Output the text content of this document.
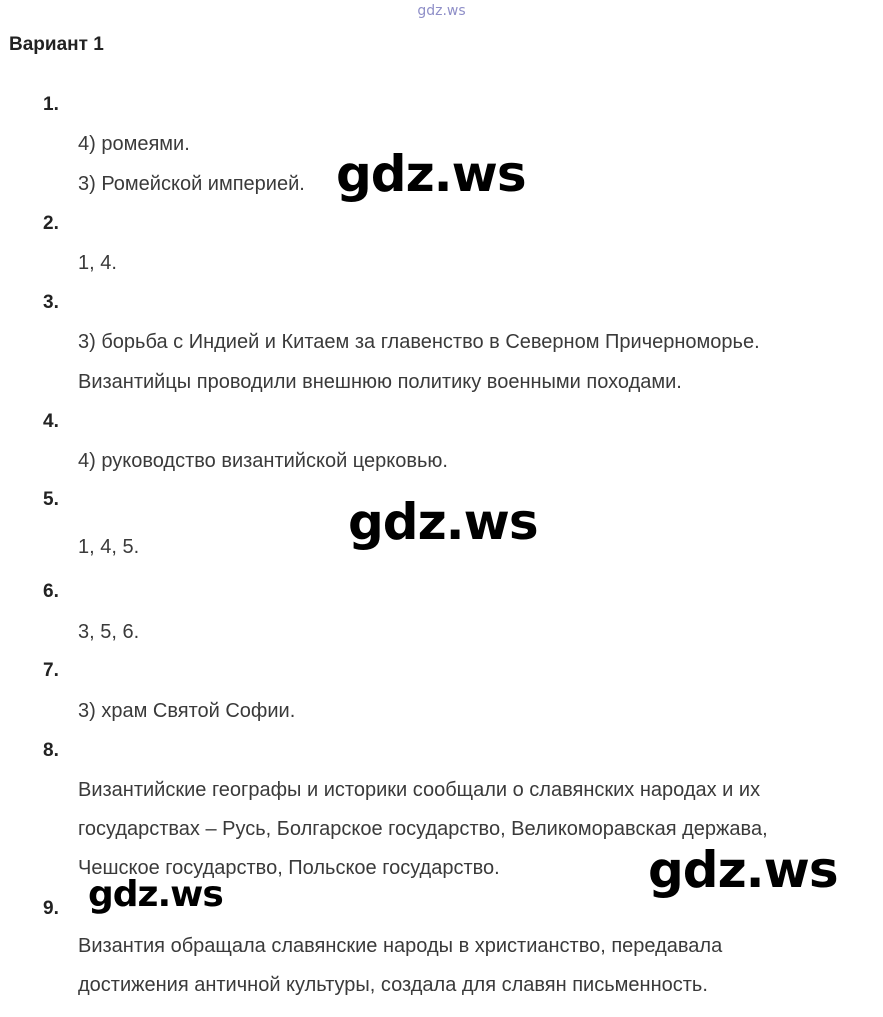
gdz.ws
Вариант 1
1.
4) ромеями.
3) Ромейской империей.
2.
1, 4.
3.
3) борьба с Индией и Китаем за главенство в Северном Причерноморье.
Византийцы проводили внешнюю политику военными походами.
4.
4) руководство византийской церковью.
5.
1, 4, 5.
6.
3, 5, 6.
7.
3) храм Святой Софии.
8.
Византийские географы и историки сообщали о славянских народах и их
государствах – Русь, Болгарское государство, Великоморавская держава,
Чешское государство, Польское государство.
9.
Византия обращала славянские народы в христианство, передавала
достижения античной культуры, создала для славян письменность.
gdz.ws
gdz.ws
gdz.ws
gdz.ws
